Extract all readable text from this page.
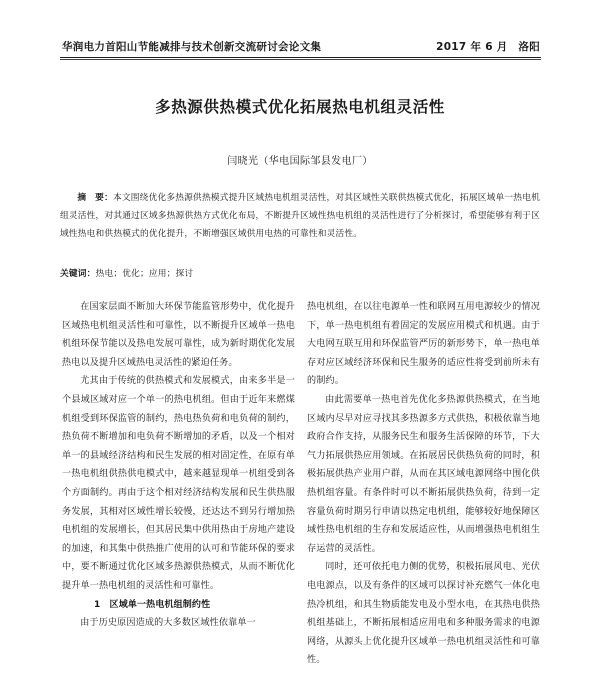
华润电力首阳山节能减排与技术创新交流研讨会论文集	2017 年 6 月　洛阳
多热源供热模式优化拓展热电机组灵活性
闫晓光（华电国际邹县发电厂）
摘　要：本文围绕优化多热源供热模式提升区域热电机组灵活性，对其区域性关联供热模式优化，拓展区域单一热电机组灵活性，对其通过区域多热源供热方式优化布局，不断提升区域性热电机组的灵活性进行了分析探讨，希望能够有利于区域性热电和供热模式的优化提升，不断增强区域供用电热的可靠性和灵活性。
关键词：热电；优化；应用；探讨

在国家层面不断加大环保节能监管形势中，优化提升区域热电机组灵活性和可靠性，以不断提升区域单一热电机组环保节能以及热电发展可靠性，成为新时期优化发展热电以及提升区域热电灵活性的紧迫任务。

尤其由于传统的供热模式和发展模式，由来多半是一个县域区域对应一个单一的热电机组。但由于近年来燃煤机组受到环保监管的制约，热电热负荷和电负荷的制约，热负荷不断增加和电负荷不断增加的矛盾，以及一个相对单一的县域经济结构和民生发展的相对固定性，在原有单一热电机组供热供电模式中，越来越显现单一机组受到各个方面制约。再由于这个相对经济结构发展和民生供热服务发展，其相对区域性增长较慢，还达达不到另行增加热电机组的发展增长，但其居民集中供用热由于房地产建设的加速，和其集中供热推广使用的认可和节能环保的要求中，要不断通过优化区域多热源供热模式，从而不断优化提升单一热电机组的灵活性和可靠性。

1　区域单一热电机组制约性

由于历史原因造成的大多数区域性依靠单一

热电机组，在以往电源单一性和联网互用电源较少的情况下，单一热电机组有着固定的发展应用模式和机遇。由于大电网互联互用和环保监管严厉的新形势下，单一热电单存对应区域经济环保和民生服务的适应性将受到前所未有的制约。

由此需要单一热电首先优化多热源供热模式，在当地区域内尽早对应寻找其多热源多方式供热，积极依靠当地政府合作支持，从服务民生和服务生活保障的环节，下大气力拓展供热应用领域。在拓展居民供热负荷的同时，积极拓展供热产业用户群，从而在其区域电源网络中围化供热机组容量。有条件时可以不断拓展供热负荷，待到一定容量负荷时期另行申请以热定电机组，能够较好地保障区域性热电机组的生存和发展适应性，从而增强热电机组生存运营的灵活性。

同时，还可依托电力侧的优势，积极拓展风电、光伏电电源点，以及有条件的区域可以探讨补充燃气一体化电热冷机组，和其生物质能发电及小型水电，在其热电供热机组基础上，不断拓展相适应用电和多种服务需求的电源网络，从源头上优化提升区域单一热电机组灵活性和可靠性。
